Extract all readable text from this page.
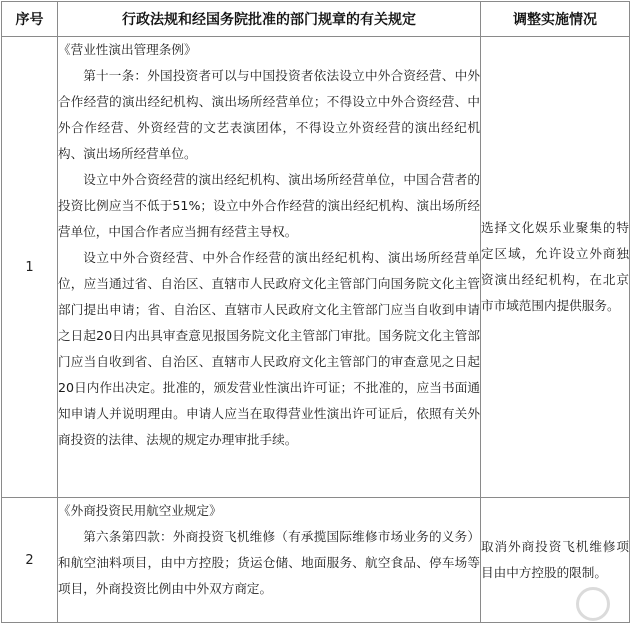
序号	行政法规和经国务院批准的部门规章的有关规定	调整实施情况
1	《营业性演出管理条例》

第十一条：外国投资者可以与中国投资者依法设立中外合资经营、中外合作经营的演出经纪机构、演出场所经营单位；不得设立中外合资经营、中外合作经营、外资经营的文艺表演团体，不得设立外资经营的演出经纪机构、演出场所经营单位。

设立中外合资经营的演出经纪机构、演出场所经营单位，中国合营者的投资比例应当不低于51%；设立中外合作经营的演出经纪机构、演出场所经营单位，中国合作者应当拥有经营主导权。

设立中外合资经营、中外合作经营的演出经纪机构、演出场所经营单位，应当通过省、自治区、直辖市人民政府文化主管部门向国务院文化主管部门提出申请；省、自治区、直辖市人民政府文化主管部门应当自收到申请之日起20日内出具审查意见报国务院文化主管部门审批。国务院文化主管部门应当自收到省、自治区、直辖市人民政府文化主管部门的审查意见之日起20日内作出决定。批准的，颁发营业性演出许可证；不批准的，应当书面通知申请人并说明理由。申请人应当在取得营业性演出许可证后，依照有关外商投资的法律、法规的规定办理审批手续。	选择文化娱乐业聚集的特定区域，允许设立外商独资演出经纪机构，在北京市市域范围内提供服务。

2	《外商投资民用航空业规定》

第六条第四款：外商投资飞机维修（有承揽国际维修市场业务的义务）和航空油料项目，由中方控股；货运仓储、地面服务、航空食品、停车场等项目，外商投资比例由中外双方商定。	取消外商投资飞机维修项目由中方控股的限制。
